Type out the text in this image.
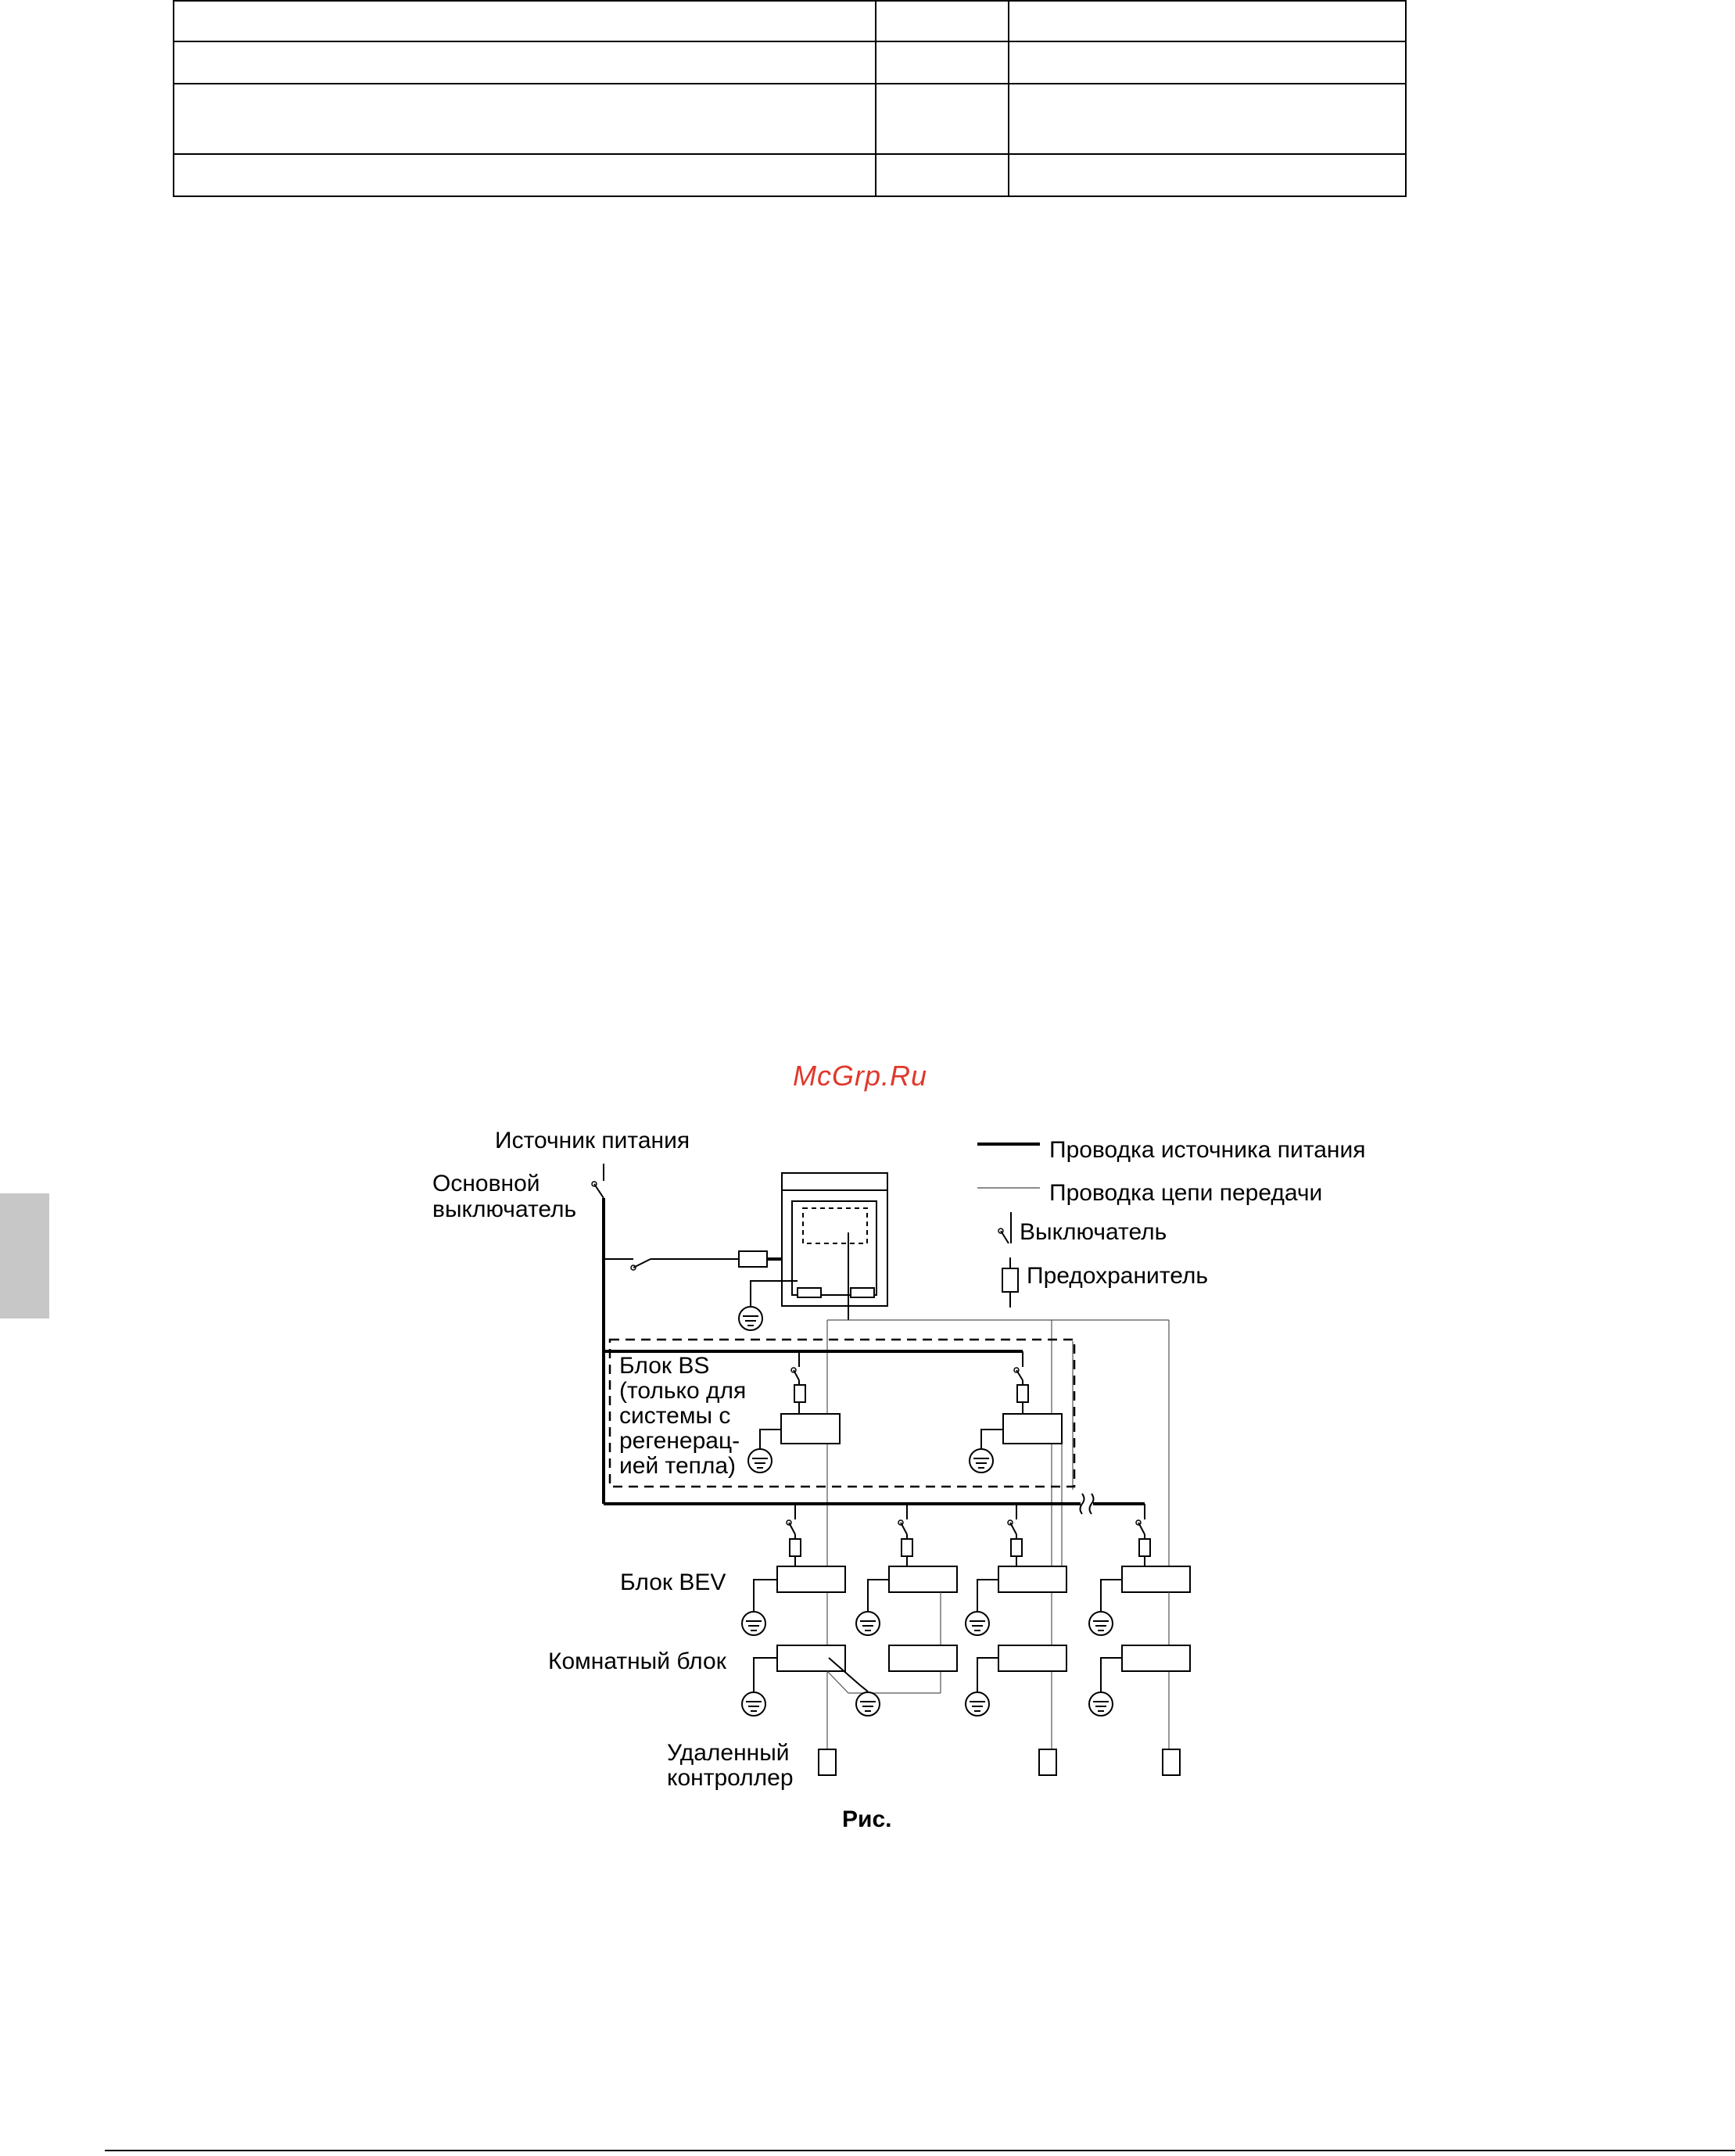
McGrp.Ru
Источник питания
Основной
выключатель
Проводка источника питания
Проводка цепи передачи
Выключатель
Предохранитель
Блок BS
(только для
системы с
регенерац-
ией тепла)
Блок BEV
Комнатный блок
Удаленный
контроллер
Рис.
